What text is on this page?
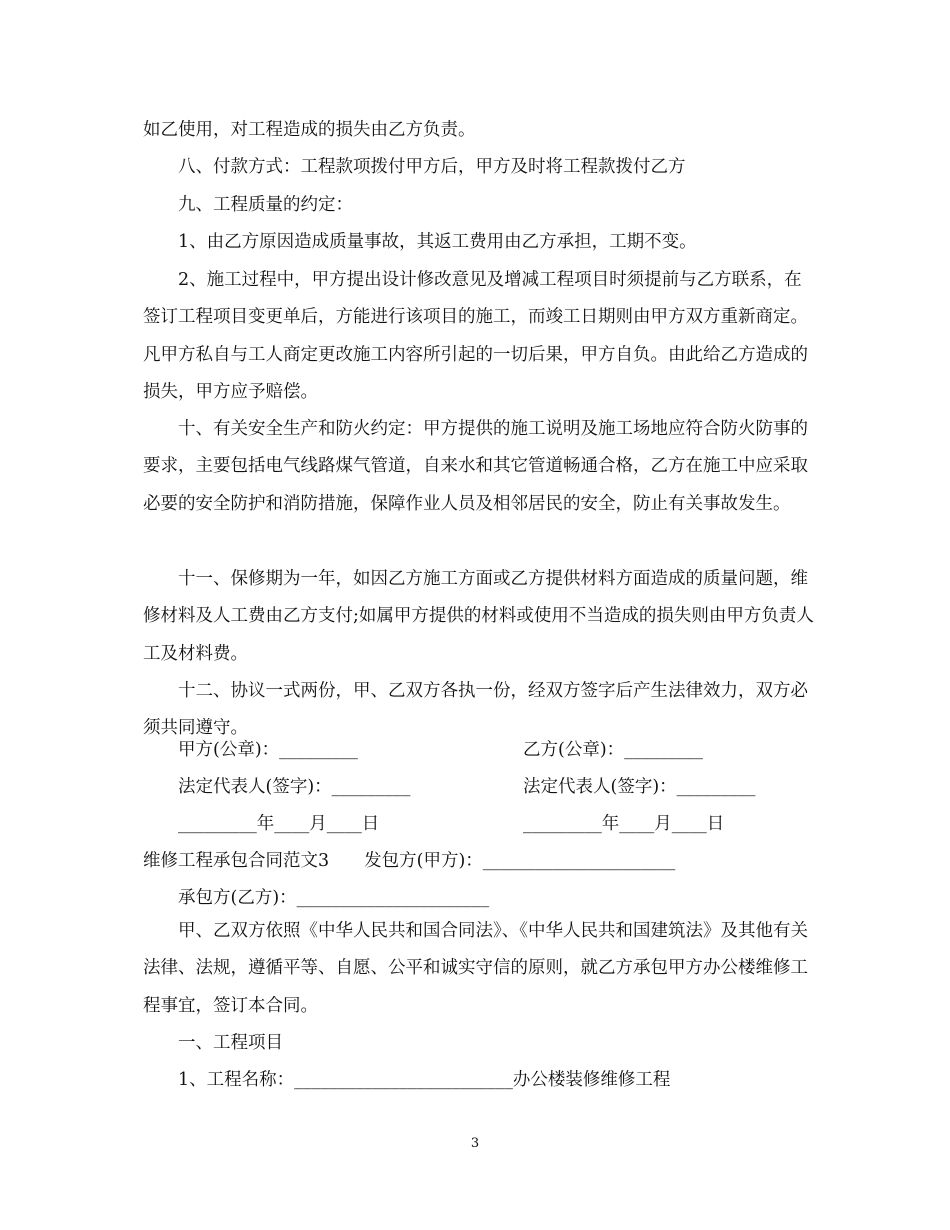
如乙使用，对工程造成的损失由乙方负责。

八、付款方式：工程款项拨付甲方后，甲方及时将工程款拨付乙方

九、工程质量的约定：

1、由乙方原因造成质量事故，其返工费用由乙方承担，工期不变。

2、施工过程中，甲方提出设计修改意见及增减工程项目时须提前与乙方联系，在签订工程项目变更单后，方能进行该项目的施工，而竣工日期则由甲方双方重新商定。凡甲方私自与工人商定更改施工内容所引起的一切后果，甲方自负。由此给乙方造成的损失，甲方应予赔偿。

十、有关安全生产和防火约定：甲方提供的施工说明及施工场地应符合防火防事的要求，主要包括电气线路煤气管道，自来水和其它管道畅通合格，乙方在施工中应采取必要的安全防护和消防措施，保障作业人员及相邻居民的安全，防止有关事故发生。

十一、保修期为一年，如因乙方施工方面或乙方提供材料方面造成的质量问题，维修材料及人工费由乙方支付;如属甲方提供的材料或使用不当造成的损失则由甲方负责人工及材料费。

十二、协议一式两份，甲、乙双方各执一份，经双方签字后产生法律效力，双方必须共同遵守。

甲方(公章)：_________	乙方(公章)：_________
法定代表人(签字)：_________	法定代表人(签字)：_________
_________年____月____日	_________年____月____日
维修工程承包合同范文3　　发包方(甲方)：______________________
承包方(乙方)：______________________

甲、乙双方依照《中华人民共和国合同法》、《中华人民共和国建筑法》及其他有关法律、法规，遵循平等、自愿、公平和诚实守信的原则，就乙方承包甲方办公楼维修工程事宜，签订本合同。

一、工程项目

1、工程名称：_________________________办公楼装修维修工程

3
